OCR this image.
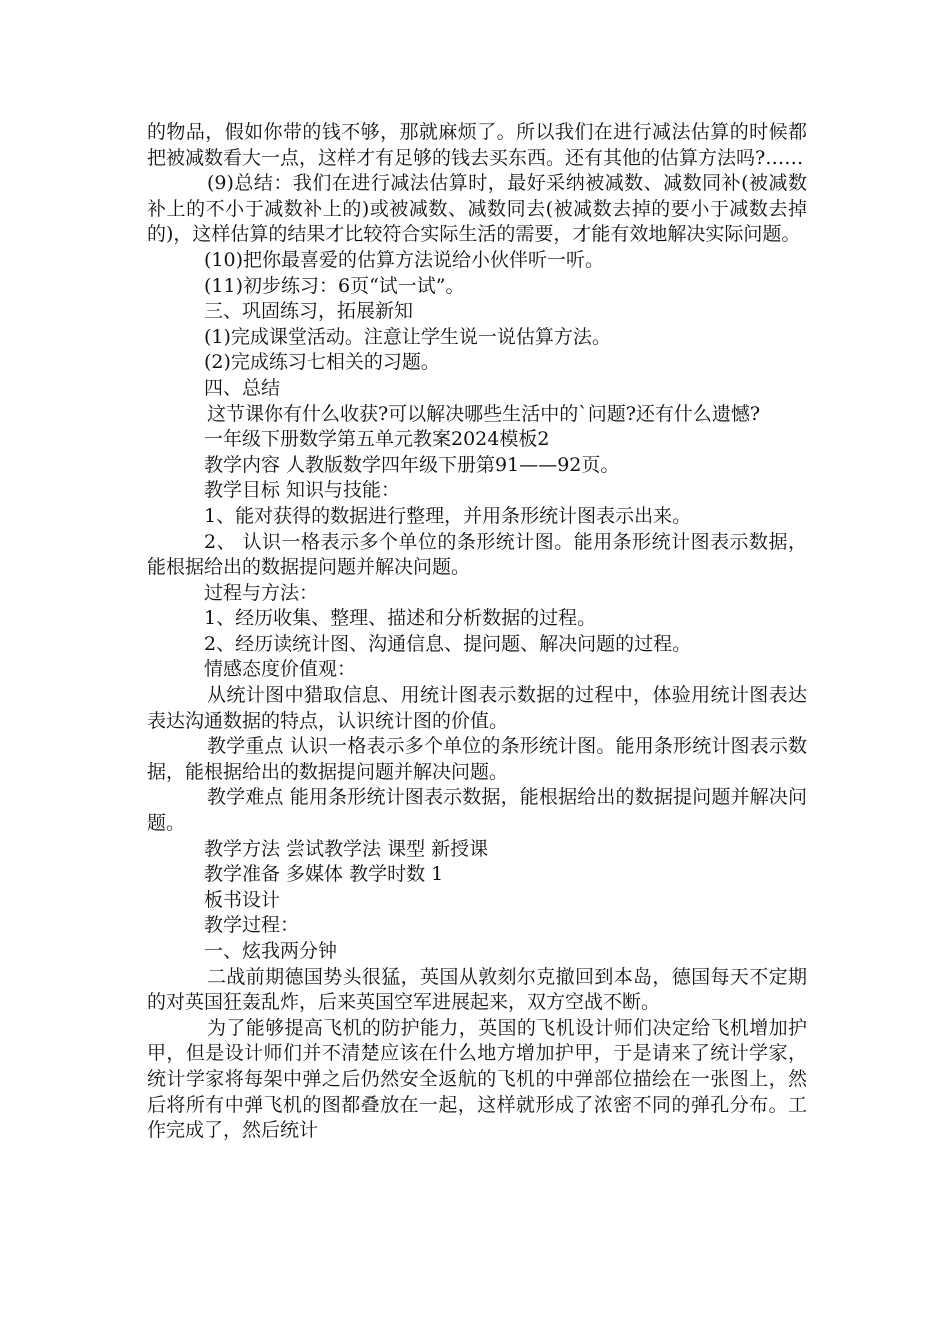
的物品，假如你带的钱不够，那就麻烦了。所以我们在进行减法估算的时候都把被减数看大一点，这样才有足够的钱去买东西。还有其他的估算方法吗?……

(9)总结：我们在进行减法估算时，最好采纳被减数、减数同补(被减数补上的不小于减数补上的)或被减数、减数同去(被减数去掉的要小于减数去掉的)，这样估算的结果才比较符合实际生活的需要，才能有效地解决实际问题。

(10)把你最喜爱的估算方法说给小伙伴听一听。

(11)初步练习：6页“试一试”。

三、巩固练习，拓展新知

(1)完成课堂活动。注意让学生说一说估算方法。

(2)完成练习七相关的习题。

四、总结

这节课你有什么收获?可以解决哪些生活中的`问题?还有什么遗憾?

一年级下册数学第五单元教案2024模板2

教学内容 人教版数学四年级下册第91——92页。

教学目标 知识与技能：

1、能对获得的数据进行整理，并用条形统计图表示出来。

2、 认识一格表示多个单位的条形统计图。能用条形统计图表示数据，能根据给出的数据提问题并解决问题。

过程与方法：

1、经历收集、整理、描述和分析数据的过程。

2、经历读统计图、沟通信息、提问题、解决问题的过程。

情感态度价值观：

从统计图中猎取信息、用统计图表示数据的过程中，体验用统计图表达表达沟通数据的特点，认识统计图的价值。

教学重点 认识一格表示多个单位的条形统计图。能用条形统计图表示数据，能根据给出的数据提问题并解决问题。

教学难点 能用条形统计图表示数据，能根据给出的数据提问题并解决问题。

教学方法 尝试教学法 课型 新授课

教学准备 多媒体 教学时数 1

板书设计

教学过程：

一、炫我两分钟

二战前期德国势头很猛，英国从敦刻尔克撤回到本岛，德国每天不定期的对英国狂轰乱炸，后来英国空军进展起来，双方空战不断。

为了能够提高飞机的防护能力，英国的飞机设计师们决定给飞机增加护甲，但是设计师们并不清楚应该在什么地方增加护甲，于是请来了统计学家，统计学家将每架中弹之后仍然安全返航的飞机的中弹部位描绘在一张图上，然后将所有中弹飞机的图都叠放在一起，这样就形成了浓密不同的弹孔分布。工作完成了，然后统计
